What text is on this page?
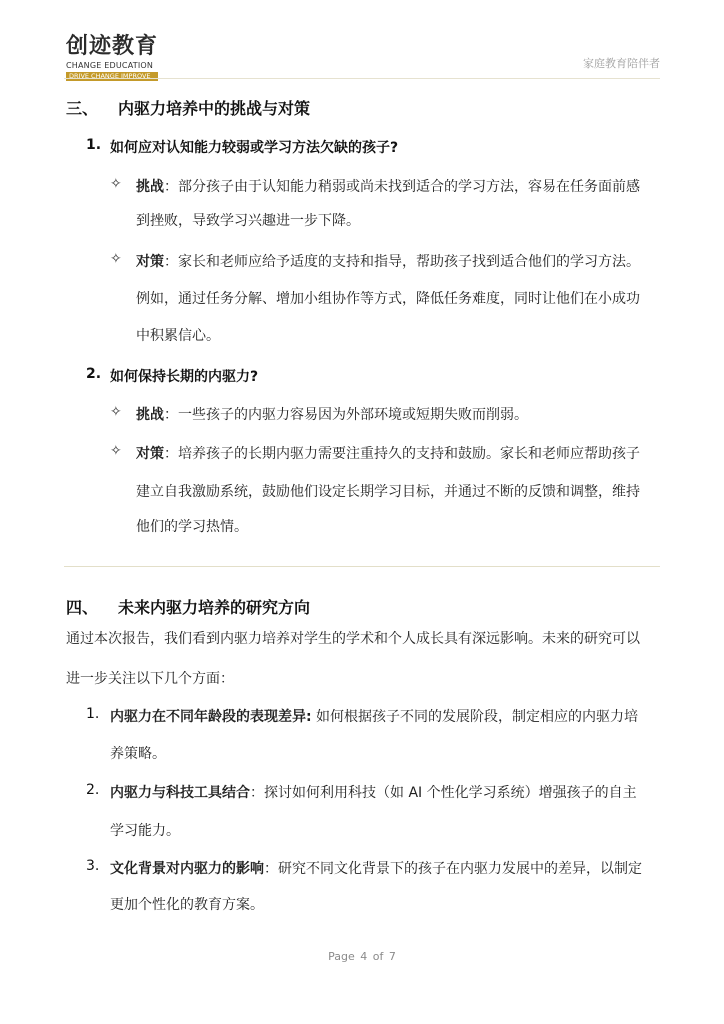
创迹教育
CHANGE EDUCATION
DRIVE CHANGE IMPROVE
家庭教育陪伴者
三、 内驱力培养中的挑战与对策
1. 如何应对认知能力较弱或学习方法欠缺的孩子?
✧ 挑战：部分孩子由于认知能力稍弱或尚未找到适合的学习方法，容易在任务面前感
到挫败，导致学习兴趣进一步下降。
✧ 对策：家长和老师应给予适度的支持和指导，帮助孩子找到适合他们的学习方法。
例如，通过任务分解、增加小组协作等方式，降低任务难度，同时让他们在小成功
中积累信心。
2. 如何保持长期的内驱力?
✧ 挑战：一些孩子的内驱力容易因为外部环境或短期失败而削弱。
✧ 对策：培养孩子的长期内驱力需要注重持久的支持和鼓励。家长和老师应帮助孩子
建立自我激励系统，鼓励他们设定长期学习目标，并通过不断的反馈和调整，维持
他们的学习热情。
四、 未来内驱力培养的研究方向
通过本次报告，我们看到内驱力培养对学生的学术和个人成长具有深远影响。未来的研究可以
进一步关注以下几个方面：
1. 内驱力在不同年龄段的表现差异: 如何根据孩子不同的发展阶段，制定相应的内驱力培
养策略。
2. 内驱力与科技工具结合：探讨如何利用科技（如 AI 个性化学习系统）增强孩子的自主
学习能力。
3. 文化背景对内驱力的影响：研究不同文化背景下的孩子在内驱力发展中的差异，以制定
更加个性化的教育方案。
Page 4 of 7
